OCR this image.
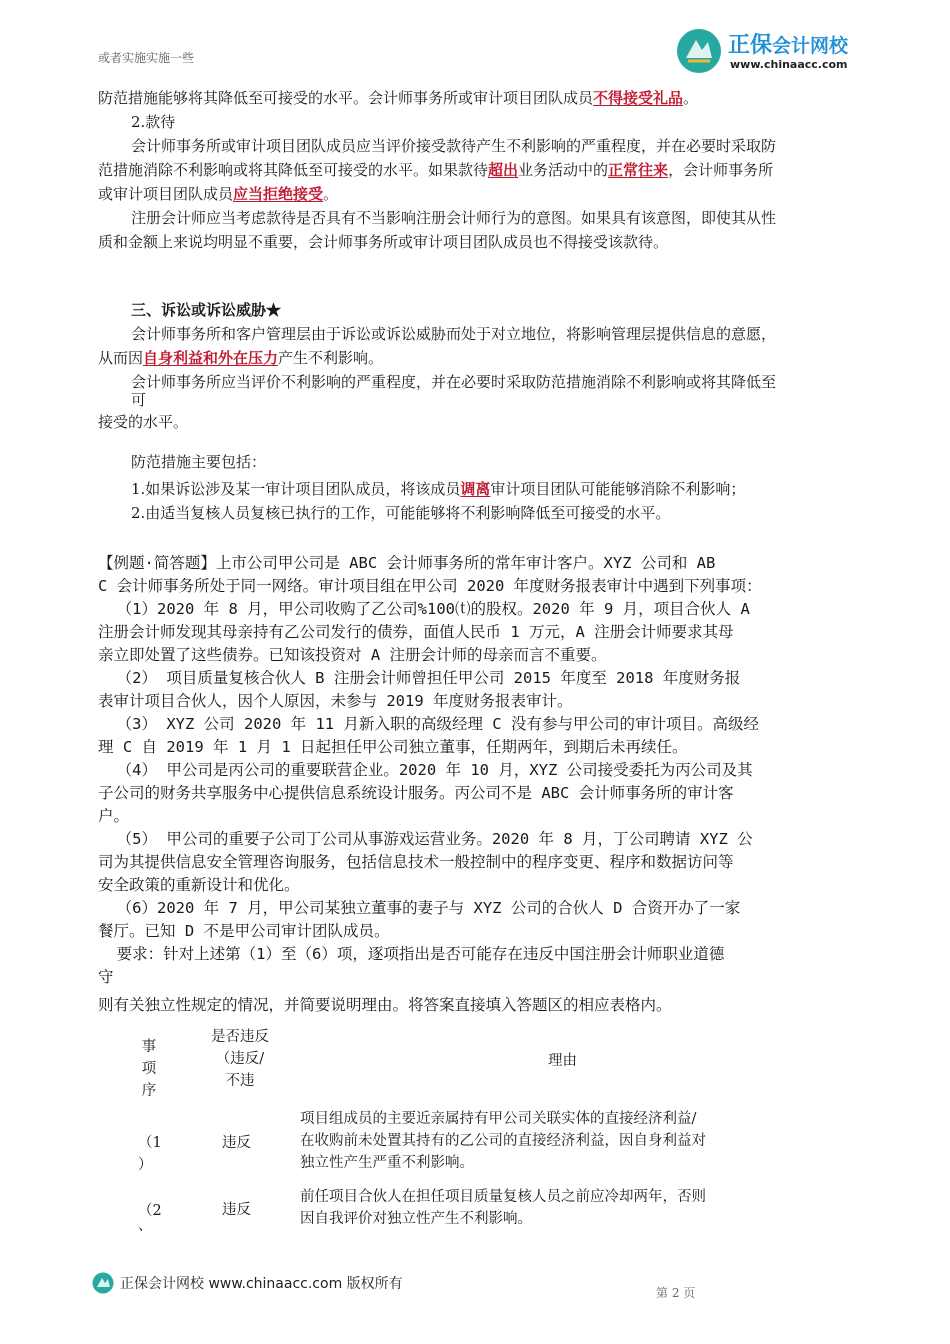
正保会计网校
www.chinaacc.com
或者实施实施一些
防范措施能够将其降低至可接受的水平。会计师事务所或审计项目团队成员不得接受礼品。
2.款待
会计师事务所或审计项目团队成员应当评价接受款待产生不利影响的严重程度，并在必要时采取防
范措施消除不利影响或将其降低至可接受的水平。如果款待超出业务活动中的正常往来，会计师事务所
或审计项目团队成员应当拒绝接受。
注册会计师应当考虑款待是否具有不当影响注册会计师行为的意图。如果具有该意图，即使其从性
质和金额上来说均明显不重要，会计师事务所或审计项目团队成员也不得接受该款待。
三、诉讼或诉讼威胁★
会计师事务所和客户管理层由于诉讼或诉讼威胁而处于对立地位，将影响管理层提供信息的意愿，
从而因自身利益和外在压力产生不利影响。
会计师事务所应当评价不利影响的严重程度，并在必要时采取防范措施消除不利影响或将其降低至
可
接受的水平。
防范措施主要包括：
1.如果诉讼涉及某一审计项目团队成员，将该成员调离审计项目团队可能能够消除不利影响；
2.由适当复核人员复核已执行的工作，可能能够将不利影响降低至可接受的水平。
【例题·简答题】上市公司甲公司是 ABC 会计师事务所的常年审计客户。XYZ 公司和 AB
C 会计师事务所处于同一网络。审计项目组在甲公司 2020 年度财务报表审计中遇到下列事项：
（1）2020 年 8 月，甲公司收购了乙公司%100⒯的股权。2020 年 9 月，项目合伙人 A
注册会计师发现其母亲持有乙公司发行的债券，面值人民币 1 万元，A 注册会计师要求其母
亲立即处置了这些债券。已知该投资对 A 注册会计师的母亲而言不重要。
（2） 项目质量复核合伙人 B 注册会计师曾担任甲公司 2015 年度至 2018 年度财务报
表审计项目合伙人，因个人原因，未参与 2019 年度财务报表审计。
（3） XYZ 公司 2020 年 11 月新入职的高级经理 C 没有参与甲公司的审计项目。高级经
理 C 自 2019 年 1 月 1 日起担任甲公司独立董事，任期两年，到期后未再续任。
（4） 甲公司是丙公司的重要联营企业。2020 年 10 月，XYZ 公司接受委托为丙公司及其
子公司的财务共享服务中心提供信息系统设计服务。丙公司不是 ABC 会计师事务所的审计客
户。
（5） 甲公司的重要子公司丁公司从事游戏运营业务。2020 年 8 月，丁公司聘请 XYZ 公
司为其提供信息安全管理咨询服务，包括信息技术一般控制中的程序变更、程序和数据访问等
安全政策的重新设计和优化。
（6）2020 年 7 月，甲公司某独立董事的妻子与 XYZ 公司的合伙人 D 合资开办了一家
餐厅。已知 D 不是甲公司审计团队成员。
要求：针对上述第（1）至（6）项，逐项指出是否可能存在违反中国注册会计师职业道德
守
则有关独立性规定的情况，并简要说明理由。将答案直接填入答题区的相应表格内。
事
项
序
是否违反
（违反/
不违
理由
（1
）
违反
项目组成员的主要近亲属持有甲公司关联实体的直接经济利益/
在收购前未处置其持有的乙公司的直接经济利益，因自身利益对
独立性产生严重不利影响。
（2
、
违反
前任项目合伙人在担任项目质量复核人员之前应冷却两年，否则
因自我评价对独立性产生不利影响。
正保会计网校 www.chinaacc.com 版权所有
第 2 页
